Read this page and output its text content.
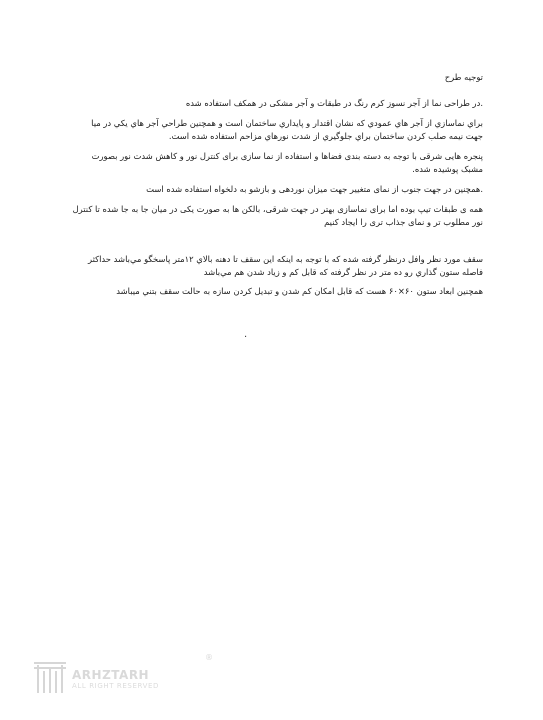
توجیه طرح
.در طراحی نما از آجر نسوز کرم رنگ در طبقات و آجر مشکی در همکف استفاده شده
براي نماسازي از آجر هاي عمودي كه نشان اقتدار و پايداري ساختمان است و همچنين طراحي آجر هاي يكي در ميا جهت نيمه صلب كردن ساختمان براي جلوگيري از شدت نورهاي مزاحم استفاده شده است.
پنجره هایی شرقی با توجه به دسته بندی فضاها و استفاده از نما سازی برای کنترل نور و کاهش شدت نور بصورت مشبک پوشیده شده.
.همچنین در جهت جنوب از نمای متغییر جهت میزان نوردهی و بازشو به دلخواه استفاده شده است
همه ی طبقات تیپ بوده اما برای نماسازی بهتر در جهت شرقی، بالکن ها به صورت یکی در میان جا به جا شده تا کنترل نور مطلوب تر و نمای جذاب تری را ایجاد کنیم
سقف مورد نظر وافل درنظر گرفته شده كه با توجه به اينكه اين سقف تا دهنه بالاي ۱۲متر پاسخگو مي‌باشد حداكثر فاصله ستون گذاري رو ده متر در نظر گرفته كه قابل كم و زياد شدن هم مي‌باشد
همچنین ابعاد ستون ۶۰×۶۰ هست كه قابل امكان كم شدن و تبديل كردن سازه به حالت سقف بتني ميباشد
.
ARHZTARH
ALL RIGHT RESERVED
®
